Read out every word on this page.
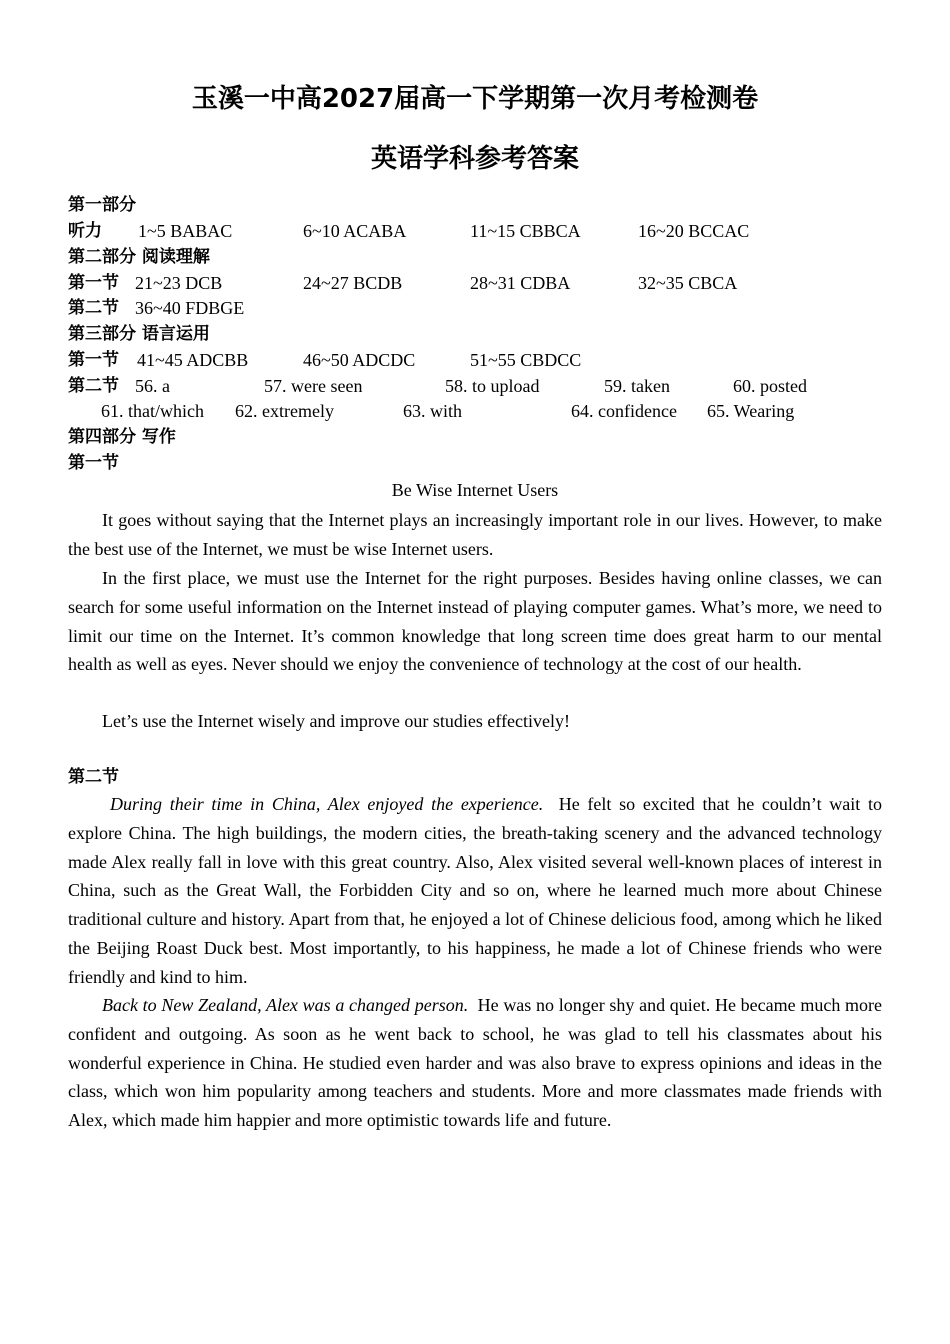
玉溪一中高2027届高一下学期第一次月考检测卷
英语学科参考答案
第一部分
听力 1~5 BABAC	6~10 ACABA	11~15 CBBCA	16~20 BCCAC
第二部分 阅读理解
第一节 21~23 DCB	24~27 BCDB	28~31 CDBA	32~35 CBCA
第二节 36~40 FDBGE
第三部分 语言运用
第一节 41~45 ADCBB	46~50 ADCDC	51~55 CBDCC
第二节 56. a	57. were seen	58. to upload	59. taken	60. posted
61. that/which 62. extremely	63. with	64. confidence 65. Wearing
第四部分 写作
第一节
Be Wise Internet Users

It goes without saying that the Internet plays an increasingly important role in our lives. However, to make the best use of the Internet, we must be wise Internet users.

In the first place, we must use the Internet for the right purposes. Besides having online classes, we can search for some useful information on the Internet instead of playing computer games. What’s more, we need to limit our time on the Internet. It’s common knowledge that long screen time does great harm to our mental health as well as eyes. Never should we enjoy the convenience of technology at the cost of our health.

Let’s use the Internet wisely and improve our studies effectively!

第二节

During their time in China, Alex enjoyed the experience. He felt so excited that he couldn’t wait to explore China. The high buildings, the modern cities, the breath-taking scenery and the advanced technology made Alex really fall in love with this great country. Also, Alex visited several well-known places of interest in China, such as the Great Wall, the Forbidden City and so on, where he learned much more about Chinese traditional culture and history. Apart from that, he enjoyed a lot of Chinese delicious food, among which he liked the Beijing Roast Duck best. Most importantly, to his happiness, he made a lot of Chinese friends who were friendly and kind to him.

Back to New Zealand, Alex was a changed person. He was no longer shy and quiet. He became much more confident and outgoing. As soon as he went back to school, he was glad to tell his classmates about his wonderful experience in China. He studied even harder and was also brave to express opinions and ideas in the class, which won him popularity among teachers and students. More and more classmates made friends with Alex, which made him happier and more optimistic towards life and future.
